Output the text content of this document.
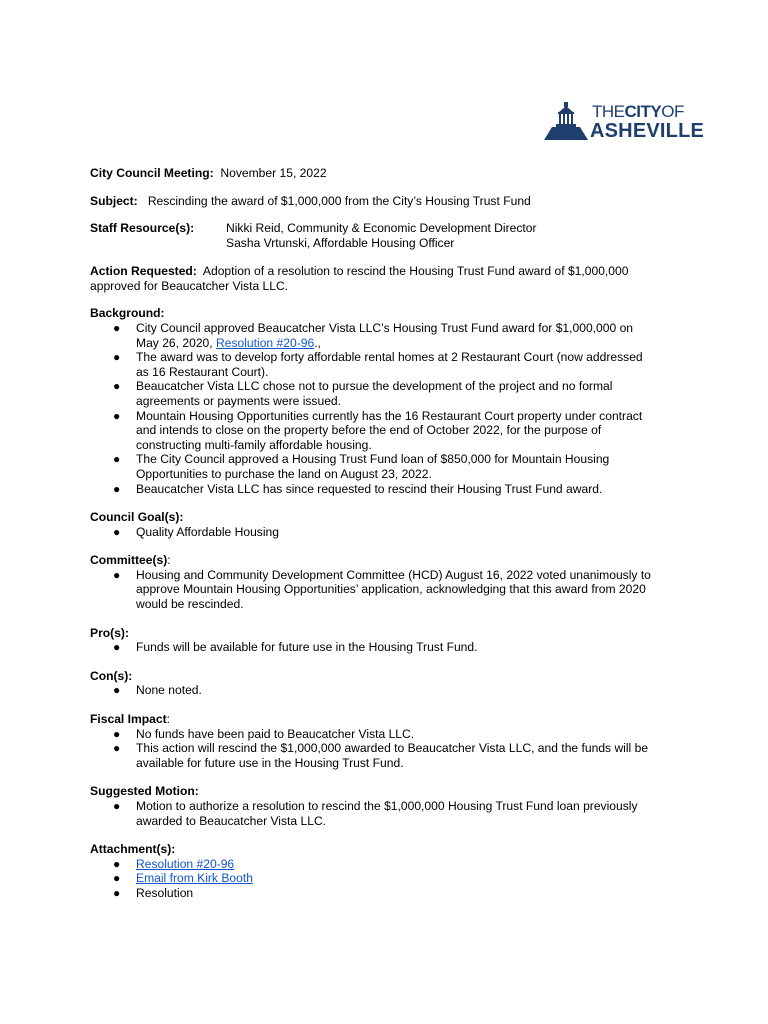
THECITYOF
ASHEVILLE
City Council Meeting: November 15, 2022
Subject: Rescinding the award of $1,000,000 from the City’s Housing Trust Fund
Staff Resource(s):	Nikki Reid, Community & Economic Development Director
Sasha Vrtunski, Affordable Housing Officer
Action Requested: Adoption of a resolution to rescind the Housing Trust Fund award of $1,000,000
approved for Beaucatcher Vista LLC.
Background:
● City Council approved Beaucatcher Vista LLC’s Housing Trust Fund award for $1,000,000 on
May 26, 2020, Resolution #20-96.,
● The award was to develop forty affordable rental homes at 2 Restaurant Court (now addressed
as 16 Restaurant Court).
● Beaucatcher Vista LLC chose not to pursue the development of the project and no formal
agreements or payments were issued.
● Mountain Housing Opportunities currently has the 16 Restaurant Court property under contract
and intends to close on the property before the end of October 2022, for the purpose of
constructing multi-family affordable housing.
● The City Council approved a Housing Trust Fund loan of $850,000 for Mountain Housing
Opportunities to purchase the land on August 23, 2022.
● Beaucatcher Vista LLC has since requested to rescind their Housing Trust Fund award.
Council Goal(s):
● Quality Affordable Housing
Committee(s):
● Housing and Community Development Committee (HCD) August 16, 2022 voted unanimously to
approve Mountain Housing Opportunities’ application, acknowledging that this award from 2020
would be rescinded.
Pro(s):
● Funds will be available for future use in the Housing Trust Fund.
Con(s):
● None noted.
Fiscal Impact:
● No funds have been paid to Beaucatcher Vista LLC.
● This action will rescind the $1,000,000 awarded to Beaucatcher Vista LLC, and the funds will be
available for future use in the Housing Trust Fund.
Suggested Motion:
● Motion to authorize a resolution to rescind the $1,000,000 Housing Trust Fund loan previously
awarded to Beaucatcher Vista LLC.
Attachment(s):
● Resolution #20-96
● Email from Kirk Booth
● Resolution
